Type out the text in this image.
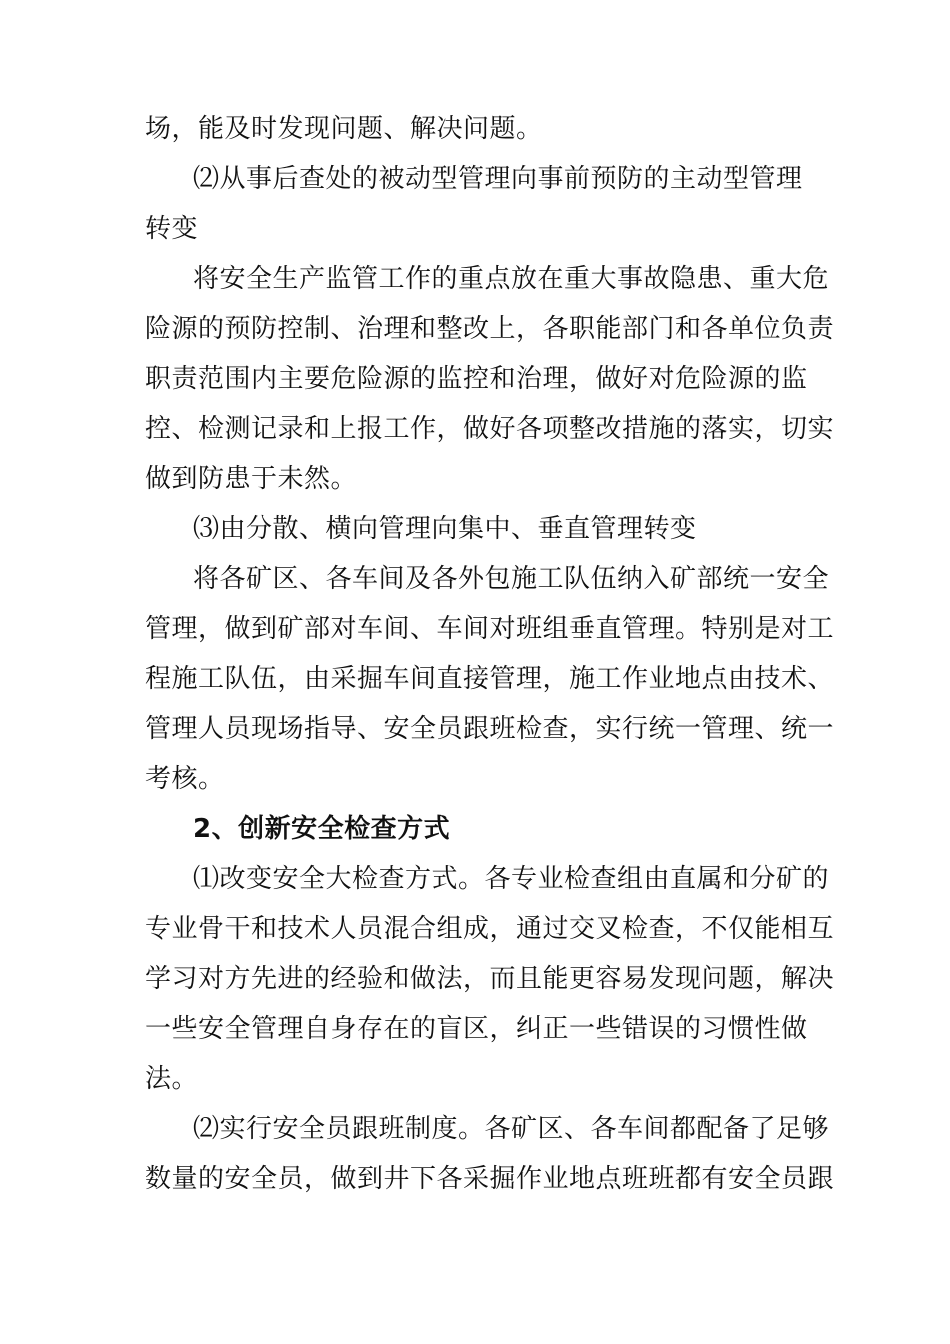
场，能及时发现问题、解决问题。
⑵从事后查处的被动型管理向事前预防的主动型管理
转变
将安全生产监管工作的重点放在重大事故隐患、重大危
险源的预防控制、治理和整改上，各职能部门和各单位负责
职责范围内主要危险源的监控和治理，做好对危险源的监
控、检测记录和上报工作，做好各项整改措施的落实，切实
做到防患于未然。
⑶由分散、横向管理向集中、垂直管理转变
将各矿区、各车间及各外包施工队伍纳入矿部统一安全
管理，做到矿部对车间、车间对班组垂直管理。特别是对工
程施工队伍，由采掘车间直接管理，施工作业地点由技术、
管理人员现场指导、安全员跟班检查，实行统一管理、统一
考核。
2、创新安全检查方式
⑴改变安全大检查方式。各专业检查组由直属和分矿的
专业骨干和技术人员混合组成，通过交叉检查，不仅能相互
学习对方先进的经验和做法，而且能更容易发现问题，解决
一些安全管理自身存在的盲区，纠正一些错误的习惯性做
法。
⑵实行安全员跟班制度。各矿区、各车间都配备了足够
数量的安全员，做到井下各采掘作业地点班班都有安全员跟
